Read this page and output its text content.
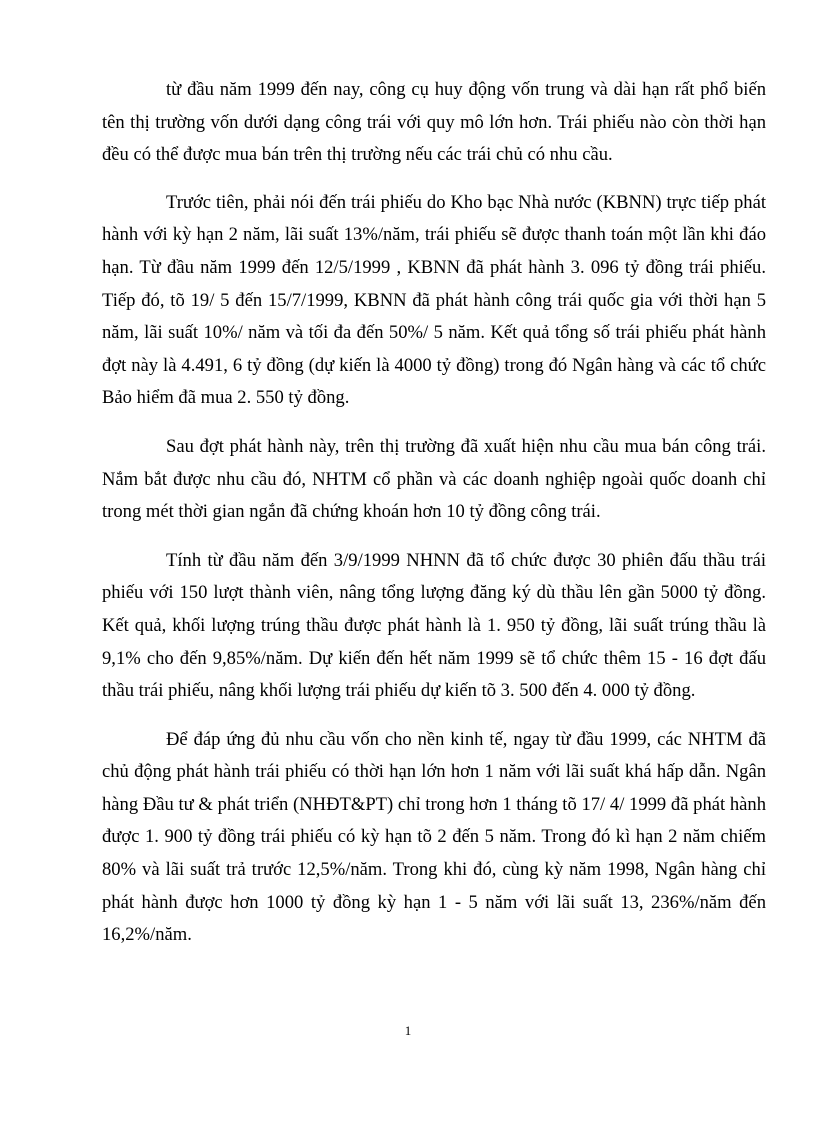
từ đầu năm 1999 đến nay, công cụ huy động vốn trung và dài hạn rất phổ biến tên thị trường vốn dưới dạng công trái với quy mô lớn hơn. Trái phiếu nào còn thời hạn đều có thể được mua bán trên thị trường nếu các trái chủ có nhu cầu.

Trước tiên, phải nói đến trái phiếu do Kho bạc Nhà nước (KBNN) trực tiếp phát hành với kỳ hạn 2 năm, lãi suất 13%/năm, trái phiếu sẽ được thanh toán một lần khi đáo hạn. Từ đầu năm 1999 đến 12/5/1999 , KBNN đã phát hành 3. 096 tỷ đồng trái phiếu. Tiếp đó, tõ 19/ 5 đến 15/7/1999, KBNN đã phát hành công trái quốc gia với thời hạn 5 năm, lãi suất 10%/ năm và tối đa đến 50%/ 5 năm. Kết quả tổng số trái phiếu phát hành đợt này là 4.491, 6 tỷ đồng (dự kiến là 4000 tỷ đồng) trong đó Ngân hàng và các tổ chức Bảo hiểm đã mua 2. 550 tỷ đồng.

Sau đợt phát hành này, trên thị trường đã xuất hiện nhu cầu mua bán công trái. Nắm bắt được nhu cầu đó, NHTM cổ phần và các doanh nghiệp ngoài quốc doanh chỉ trong mét thời gian ngắn đã chứng khoán hơn 10 tỷ đồng công trái.

Tính từ đầu năm đến 3/9/1999 NHNN đã tổ chức được 30 phiên đấu thầu trái phiếu với 150 lượt thành viên, nâng tổng lượng đăng ký dù thầu lên gần 5000 tỷ đồng. Kết quả, khối lượng trúng thầu được phát hành là 1. 950 tỷ đồng, lãi suất trúng thầu là 9,1% cho đến 9,85%/năm. Dự kiến đến hết năm 1999 sẽ tổ chức thêm 15 - 16 đợt đấu thầu trái phiếu, nâng khối lượng trái phiếu dự kiến tõ 3. 500 đến 4. 000 tỷ đồng.

Để đáp ứng đủ nhu cầu vốn cho nền kinh tế, ngay từ đầu 1999, các NHTM đã chủ động phát hành trái phiếu có thời hạn lớn hơn 1 năm với lãi suất khá hấp dẫn. Ngân hàng Đầu tư & phát triển (NHĐT&PT) chỉ trong hơn 1 tháng tõ 17/ 4/ 1999 đã phát hành được 1. 900 tỷ đồng trái phiếu có kỳ hạn tõ 2 đến 5 năm. Trong đó kì hạn 2 năm chiếm 80% và lãi suất trả trước 12,5%/năm. Trong khi đó, cùng kỳ năm 1998, Ngân hàng chỉ phát hành được hơn 1000 tỷ đồng kỳ hạn 1 - 5 năm với lãi suất 13, 236%/năm đến 16,2%/năm.

1
